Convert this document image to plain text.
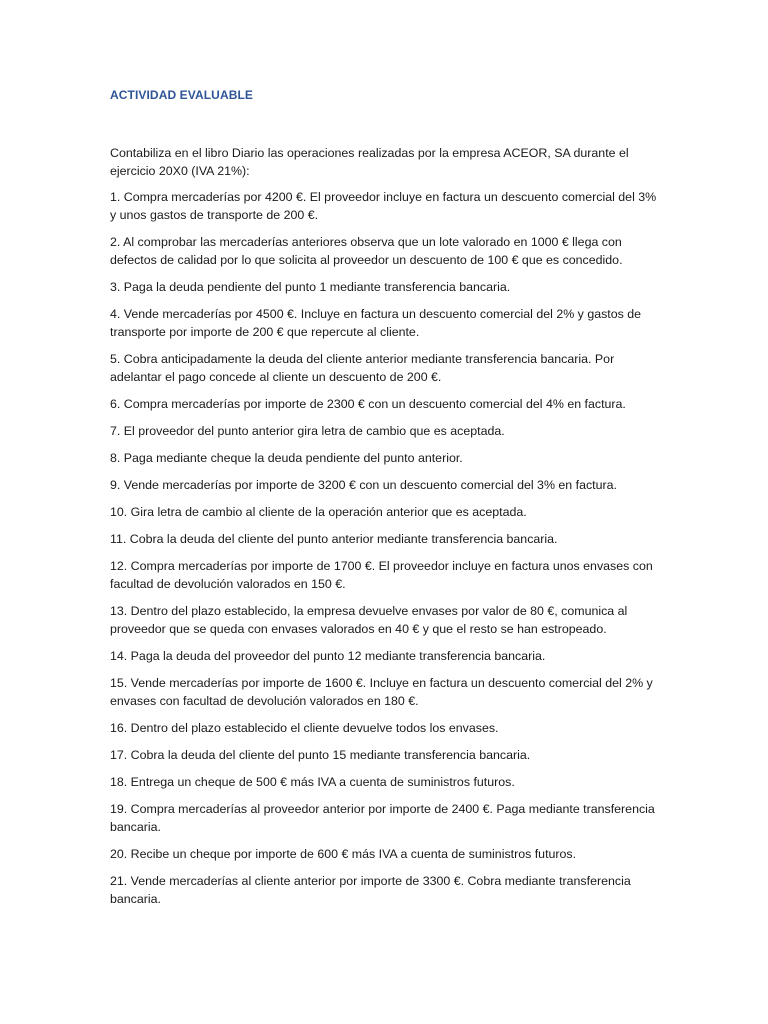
ACTIVIDAD EVALUABLE

Contabiliza en el libro Diario las operaciones realizadas por la empresa ACEOR, SA durante el ejercicio 20X0 (IVA 21%):

1. Compra mercaderías por 4200 €. El proveedor incluye en factura un descuento comercial del 3% y unos gastos de transporte de 200 €.

2. Al comprobar las mercaderías anteriores observa que un lote valorado en 1000 € llega con defectos de calidad por lo que solicita al proveedor un descuento de 100 € que es concedido.

3. Paga la deuda pendiente del punto 1 mediante transferencia bancaria.

4. Vende mercaderías por 4500 €. Incluye en factura un descuento comercial del 2% y gastos de transporte por importe de 200 € que repercute al cliente.

5. Cobra anticipadamente la deuda del cliente anterior mediante transferencia bancaria. Por adelantar el pago concede al cliente un descuento de 200 €.

6. Compra mercaderías por importe de 2300 € con un descuento comercial del 4% en factura.

7. El proveedor del punto anterior gira letra de cambio que es aceptada.

8. Paga mediante cheque la deuda pendiente del punto anterior.

9. Vende mercaderías por importe de 3200 € con un descuento comercial del 3% en factura.

10. Gira letra de cambio al cliente de la operación anterior que es aceptada.

11. Cobra la deuda del cliente del punto anterior mediante transferencia bancaria.

12. Compra mercaderías por importe de 1700 €. El proveedor incluye en factura unos envases con facultad de devolución valorados en 150 €.

13. Dentro del plazo establecido, la empresa devuelve envases por valor de 80 €, comunica al proveedor que se queda con envases valorados en 40 € y que el resto se han estropeado.

14. Paga la deuda del proveedor del punto 12 mediante transferencia bancaria.

15. Vende mercaderías por importe de 1600 €. Incluye en factura un descuento comercial del 2% y envases con facultad de devolución valorados en 180 €.

16. Dentro del plazo establecido el cliente devuelve todos los envases.

17. Cobra la deuda del cliente del punto 15 mediante transferencia bancaria.

18. Entrega un cheque de 500 € más IVA a cuenta de suministros futuros.

19. Compra mercaderías al proveedor anterior por importe de 2400 €. Paga mediante transferencia bancaria.

20. Recibe un cheque por importe de 600 € más IVA a cuenta de suministros futuros.

21. Vende mercaderías al cliente anterior por importe de 3300 €. Cobra mediante transferencia bancaria.
